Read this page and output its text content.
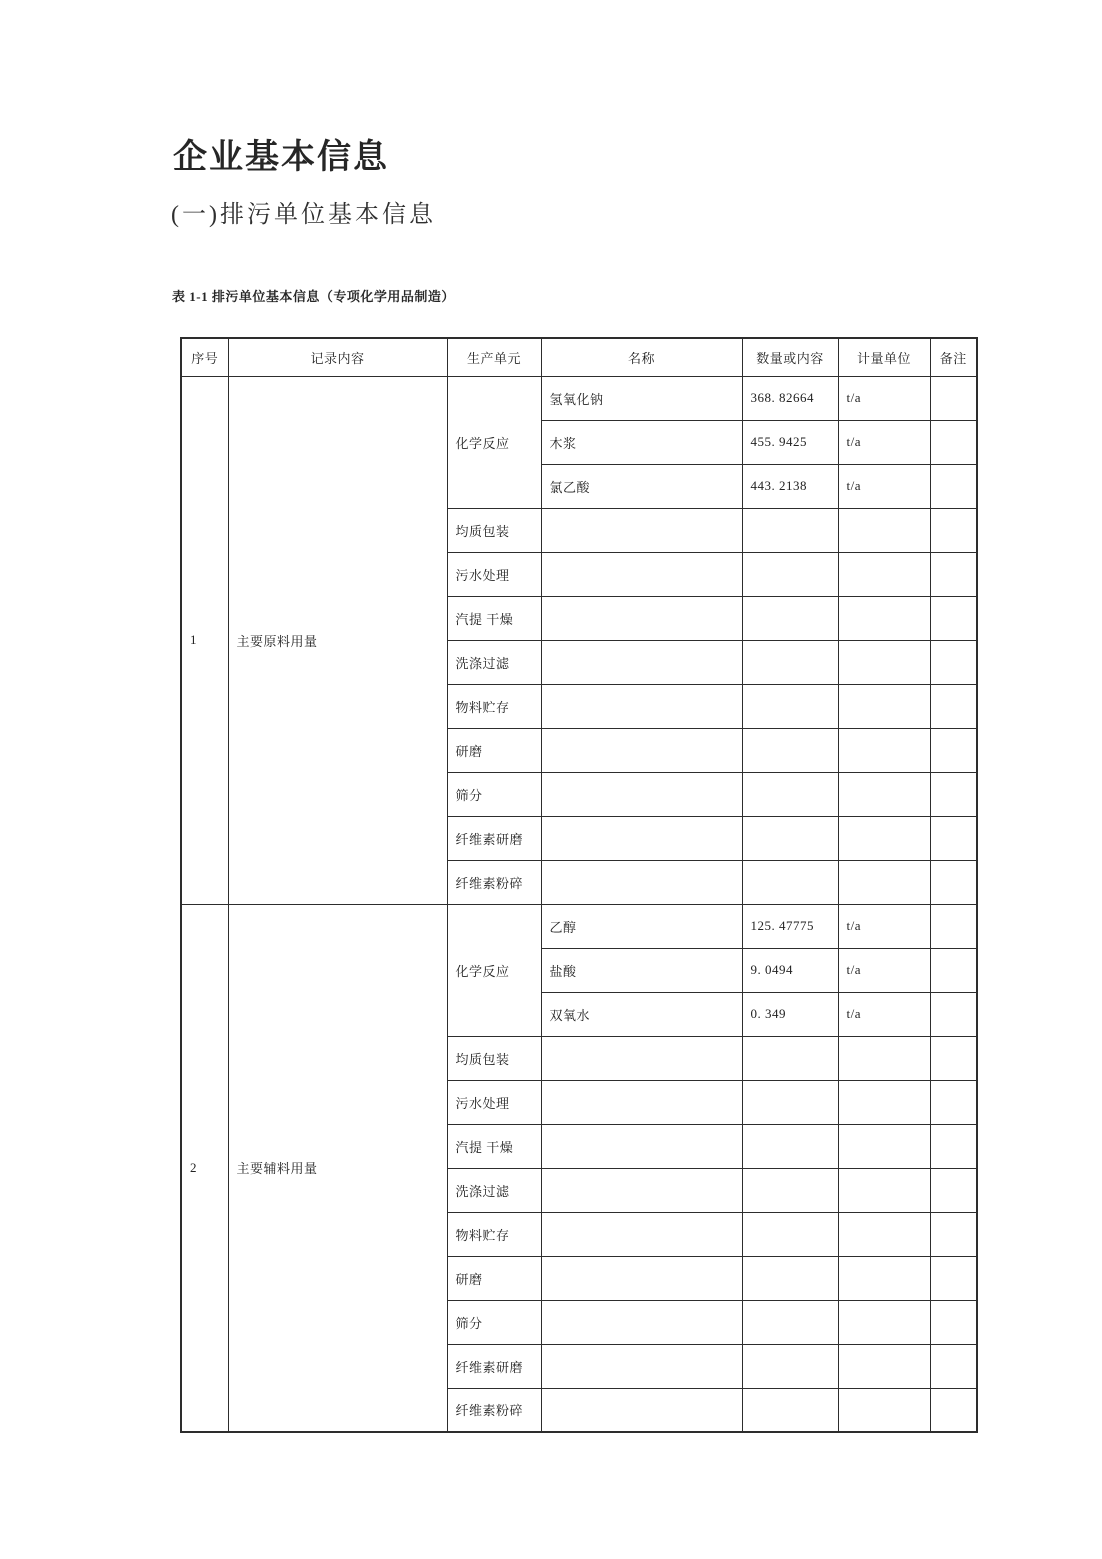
企业基本信息
(一)排污单位基本信息
表 1-1 排污单位基本信息（专项化学用品制造）
序号	记录内容	生产单元	名称	数量或内容	计量单位	备注
1	主要原料用量	化学反应	氢氧化钠	368. 82664	t/a	
			木浆	455. 9425	t/a	
			氯乙酸	443. 2138	t/a	
		均质包装				
		污水处理				
		汽提 干燥				
		洗涤过滤				
		物料贮存				
		研磨				
		筛分				
		纤维素研磨				
		纤维素粉碎				
2	主要辅料用量	化学反应	乙醇	125. 47775	t/a	
			盐酸	9. 0494	t/a	
			双氧水	0. 349	t/a	
		均质包装				
		污水处理				
		汽提 干燥				
		洗涤过滤				
		物料贮存				
		研磨				
		筛分				
		纤维素研磨				
		纤维素粉碎				
